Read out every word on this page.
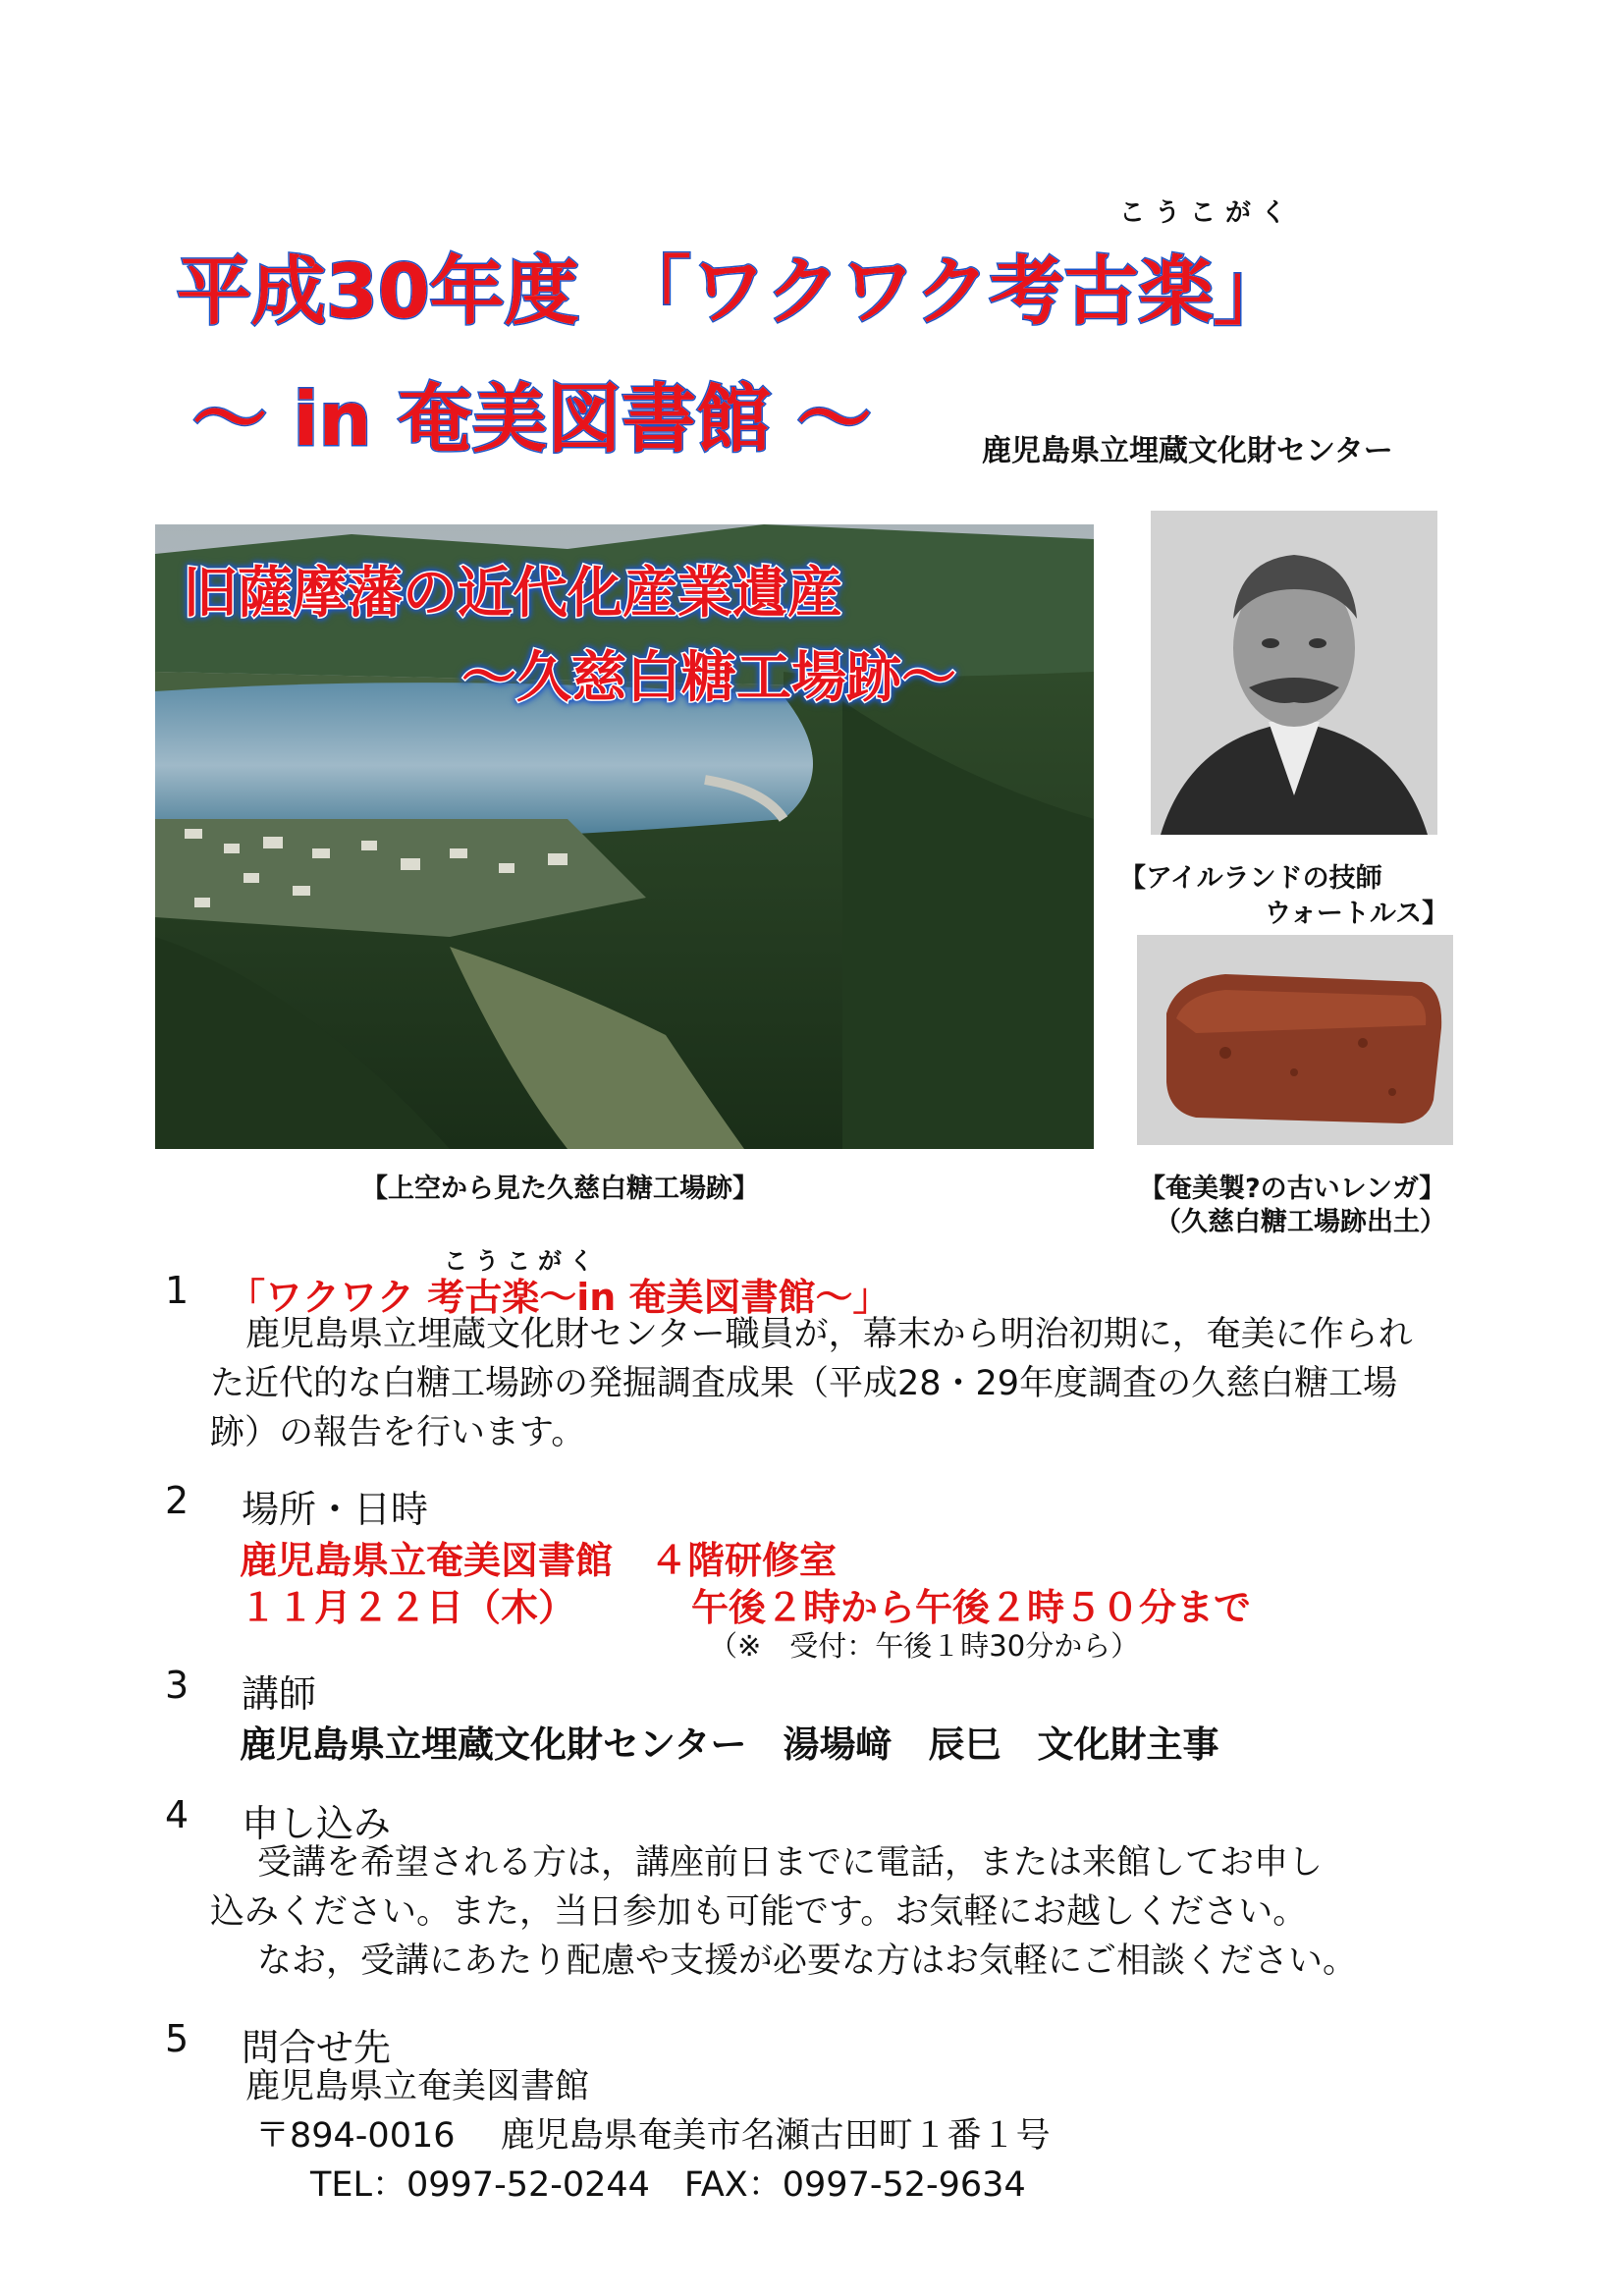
こうこがく
平成30年度　「ワクワク考古楽」
～ in 奄美図書館 ～	鹿児島県立埋蔵文化財センター
旧薩摩藩の近代化産業遺産
～久慈白糖工場跡～
【上空から見た久慈白糖工場跡】
【アイルランドの技師
ウォートルス】
【奄美製?の古いレンガ】
（久慈白糖工場跡出土）
こうこがく
1 「ワクワク 考古楽～in 奄美図書館～」
鹿児島県立埋蔵文化財センター職員が，幕末から明治初期に，奄美に作られ
た近代的な白糖工場跡の発掘調査成果（平成28・29年度調査の久慈白糖工場
跡）の報告を行います。
2 場所・日時
鹿児島県立奄美図書館　４階研修室
１１月２２日（木）	午後２時から午後２時５０分まで
（※　受付：午後１時30分から）
3 講師
鹿児島県立埋蔵文化財センター　湯場﨑　辰巳　文化財主事
4 申し込み
受講を希望される方は，講座前日までに電話，または来館してお申し
込みください。また，当日参加も可能です。お気軽にお越しください。
なお，受講にあたり配慮や支援が必要な方はお気軽にご相談ください。
5 問合せ先
鹿児島県立奄美図書館
〒894-0016　 鹿児島県奄美市名瀬古田町１番１号
TEL：0997-52-0244　FAX：0997-52-9634
